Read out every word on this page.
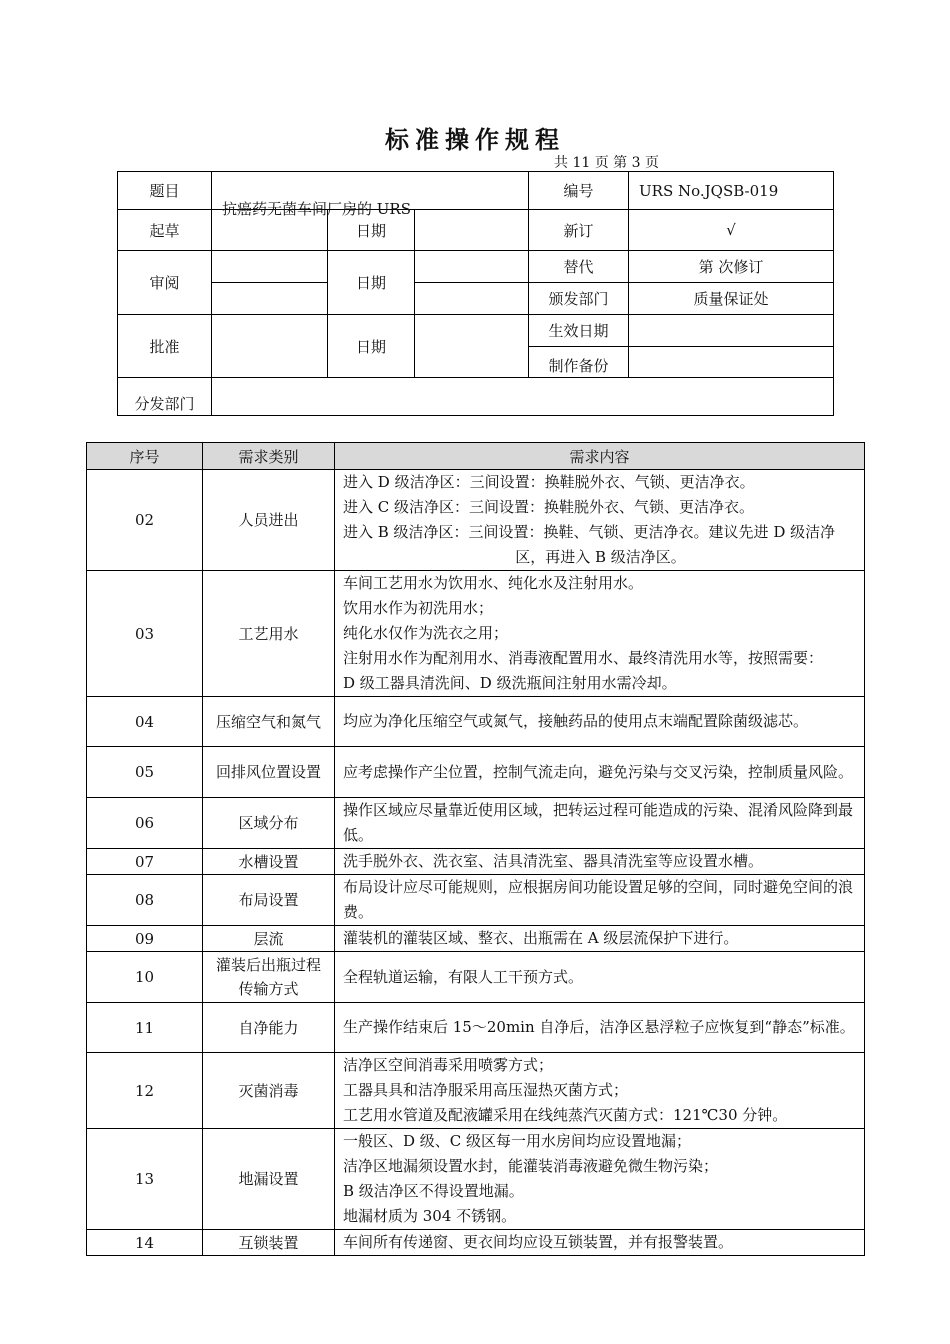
标准操作规程
共 11 页 第 3 页
题目	抗癌药无菌车间厂房的 URS			编号	URS No.JQSB-019
起草		日期		新订	√
审阅		日期		替代	第 次修订
				颁发部门	质量保证处
批准		日期		生效日期	
				制作备份	
分发部门					
序号	需求类别	需求内容
02	人员进出	进入 D 级洁净区：三间设置：换鞋脱外衣、气锁、更洁净衣。
进入 C 级洁净区：三间设置：换鞋脱外衣、气锁、更洁净衣。
进入 B 级洁净区：三间设置：换鞋、气锁、更洁净衣。建议先进 D 级洁净
区，再进入 B 级洁净区。

03	工艺用水	车间工艺用水为饮用水、纯化水及注射用水。
饮用水作为初洗用水；
纯化水仅作为洗衣之用；
注射用水作为配剂用水、消毒液配置用水、最终清洗用水等，按照需要：
D 级工器具清洗间、D 级洗瓶间注射用水需冷却。

04	压缩空气和氮气	均应为净化压缩空气或氮气，接触药品的使用点末端配置除菌级滤芯。

05	回排风位置设置	应考虑操作产尘位置，控制气流走向，避免污染与交叉污染，控制质量风险。

06	区域分布	操作区域应尽量靠近使用区域，把转运过程可能造成的污染、混淆风险降到最低。

07	水槽设置	洗手脱外衣、洗衣室、洁具清洗室、器具清洗室等应设置水槽。

08	布局设置	布局设计应尽可能规则，应根据房间功能设置足够的空间，同时避免空间的浪费。

09	层流	灌装机的灌装区域、整衣、出瓶需在 A 级层流保护下进行。

10	灌装后出瓶过程传输方式	全程轨道运输，有限人工干预方式。

11	自净能力	生产操作结束后 15～20min 自净后，洁净区悬浮粒子应恢复到“静态”标准。

12	灭菌消毒	洁净区空间消毒采用喷雾方式；
工器具具和洁净服采用高压湿热灭菌方式；
工艺用水管道及配液罐采用在线纯蒸汽灭菌方式：121℃30 分钟。

13	地漏设置	一般区、D 级、C 级区每一用水房间均应设置地漏；
洁净区地漏须设置水封，能灌装消毒液避免微生物污染；
B 级洁净区不得设置地漏。
地漏材质为 304 不锈钢。

14	互锁装置	车间所有传递窗、更衣间均应设互锁装置，并有报警装置。
